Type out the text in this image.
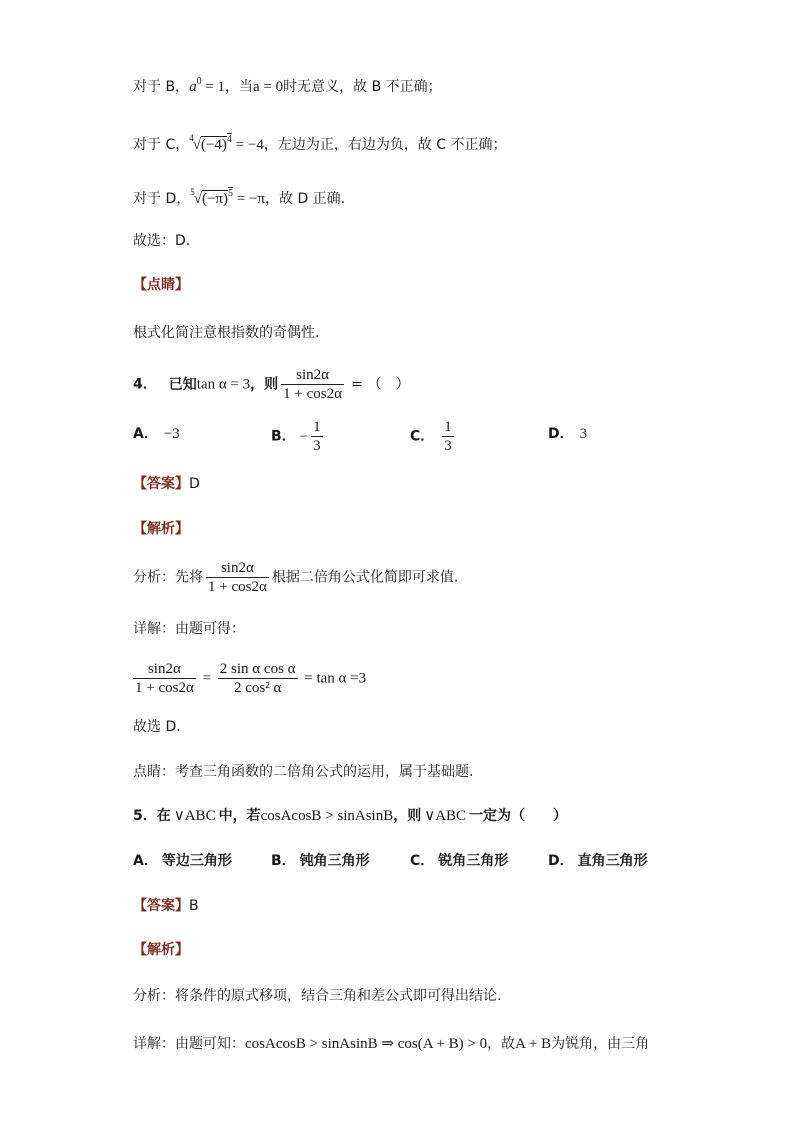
对于 B，$a^0 = 1$，当a = 0时无意义，故 B 不正确；
对于 C，$^4√(-4)^4 = -4$，左边为正，右边为负，故 C 不正确；
对于 D，$^5√(-\pi)^5 = -\pi$，故 D 正确.
故选：D.
【点睛】
根式化简注意根指数的奇偶性.
4． 已知tan α = 3，则 $\frac{\sin 2\alpha}{1 + \cos 2\alpha}$ = （　）
A． −3	B． − $\frac{1}{3}$	C． $\frac{1}{3}$	D． 3
【答案】D
【解析】
分析：先将 $\frac{\sin 2\alpha}{1 + \cos 2\alpha}$ 根据二倍角公式化简即可求值.
详解：由题可得：
$\frac{\sin 2\alpha}{1 + \cos 2\alpha} = \frac{\text{2 sin α cos α}}{\text{2 cos² α}} = \tan \alpha =3$
故选 D.
点睛：考查三角函数的二倍角公式的运用，属于基础题.
5．在 ∨ABC 中，若cosAcosB > sinAsinB，则 ∨ABC 一定为（　　）
A． 等边三角形	B． 钝角三角形	C． 锐角三角形	D． 直角三角形
【答案】B
【解析】
分析：将条件的原式移项，结合三角和差公式即可得出结论.
详解：由题可知：cosAcosB > sinAsinB ⇒ cos(A + B) > 0，故A + B为锐角，由三角
